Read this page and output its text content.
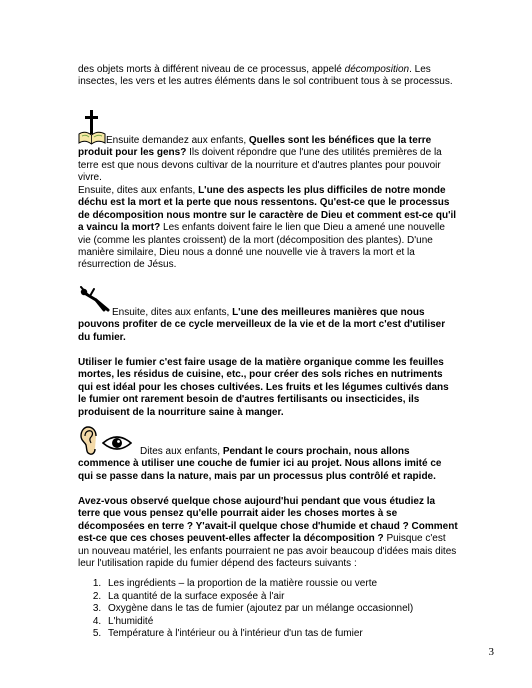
des objets morts à différent niveau de ce processus, appelé décomposition. Les insectes, les vers et les autres éléments dans le sol contribuent tous à se processus.

Ensuite demandez aux enfants, Quelles sont les bénéfices que la terre produit pour les gens? Ils doivent répondre que l'une des utilités premières de la terre est que nous devons cultivar de la nourriture et d'autres plantes pour pouvoir vivre.

Ensuite, dites aux enfants, L'une des aspects les plus difficiles de notre monde déchu est la mort et la perte que nous ressentons. Qu'est-ce que le processus de décomposition nous montre sur le caractère de Dieu et comment est-ce qu'il a vaincu la mort? Les enfants doivent faire le lien que Dieu a amené une nouvelle vie (comme les plantes croissent) de la mort (décomposition des plantes). D'une manière similaire, Dieu nous a donné une nouvelle vie à travers la mort et la résurrection de Jésus.

Ensuite, dites aux enfants, L'une des meilleures manières que nous pouvons profiter de ce cycle merveilleux de la vie et de la mort c'est d'utiliser du fumier.

Utiliser le fumier c'est faire usage de la matière organique comme les feuilles mortes, les résidus de cuisine, etc., pour créer des sols riches en nutriments qui est idéal pour les choses cultivées. Les fruits et les légumes cultivés dans le fumier ont rarement besoin de d'autres fertilisants ou insecticides, ils produisent de la nourriture saine à manger.

Dites aux enfants, Pendant le cours prochain, nous allons commence à utiliser une couche de fumier ici au projet. Nous allons imité ce qui se passe dans la nature, mais par un processus plus contrôlé et rapide.

Avez-vous observé quelque chose aujourd'hui pendant que vous étudiez la terre que vous pensez qu'elle pourrait aider les choses mortes à se décomposées en terre ? Y'avait-il quelque chose d'humide et chaud ? Comment est-ce que ces choses peuvent-elles affecter la décomposition ? Puisque c'est un nouveau matériel, les enfants pourraient ne pas avoir beaucoup d'idées mais dites leur l'utilisation rapide du fumier dépend des facteurs suivants :

1. Les ingrédients – la proportion de la matière roussie ou verte
2. La quantité de la surface exposée à l'air
3. Oxygène dans le tas de fumier (ajoutez par un mélange occasionnel)
4. L'humidité
5. Température à l'intérieur ou à l'intérieur d'un tas de fumier
3
